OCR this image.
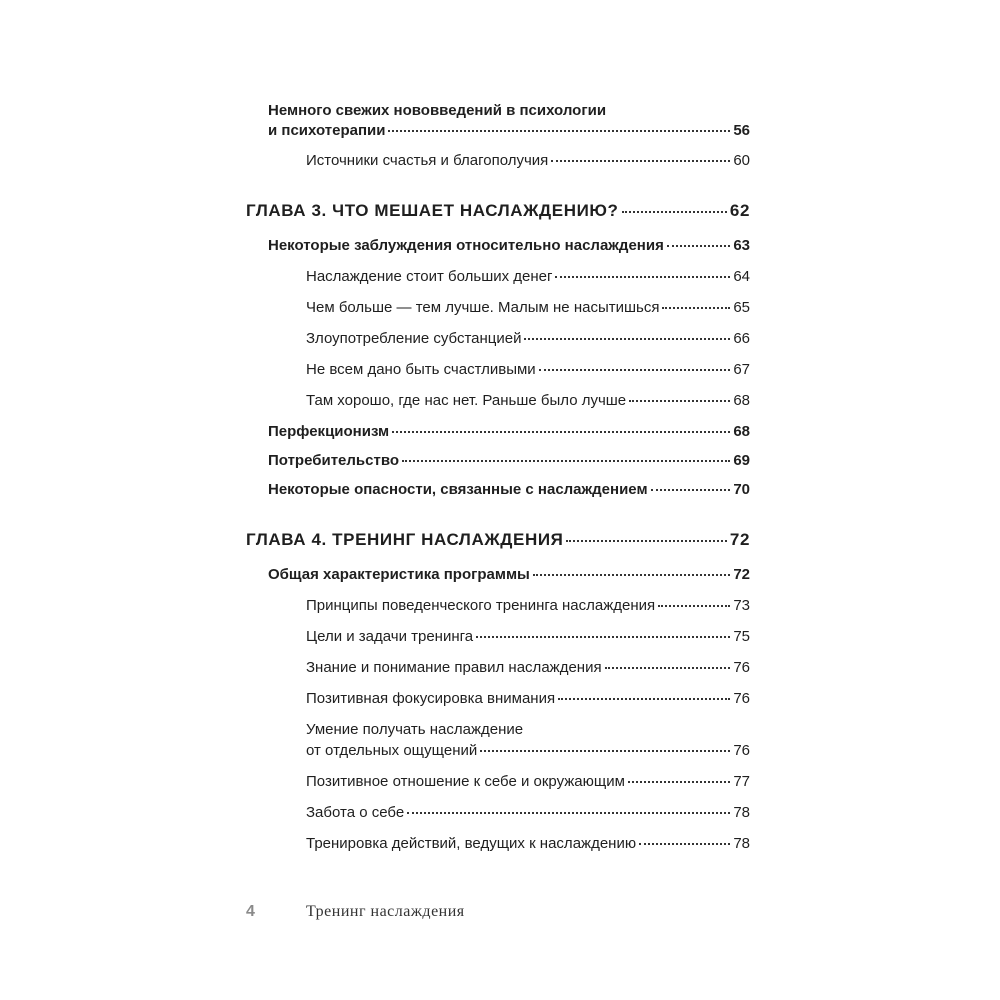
Немного свежих нововведений в психологии
и психотерапии	56
Источники счастья и благополучия	60
ГЛАВА 3. ЧТО МЕШАЕТ НАСЛАЖДЕНИЮ?	62
Некоторые заблуждения относительно наслаждения	63
Наслаждение стоит больших денег	64
Чем больше — тем лучше. Малым не насытишься	65
Злоупотребление субстанцией	66
Не всем дано быть счастливыми	67
Там хорошо, где нас нет. Раньше было лучше	68
Перфекционизм	68
Потребительство	69
Некоторые опасности, связанные с наслаждением	70
ГЛАВА 4. ТРЕНИНГ НАСЛАЖДЕНИЯ	72
Общая характеристика программы	72
Принципы поведенческого тренинга наслаждения	73
Цели и задачи тренинга	75
Знание и понимание правил наслаждения	76
Позитивная фокусировка внимания	76
Умение получать наслаждение
от отдельных ощущений	76
Позитивное отношение к себе и окружающим	77
Забота о себе	78
Тренировка действий, ведущих к наслаждению	78
4	Тренинг наслаждения
